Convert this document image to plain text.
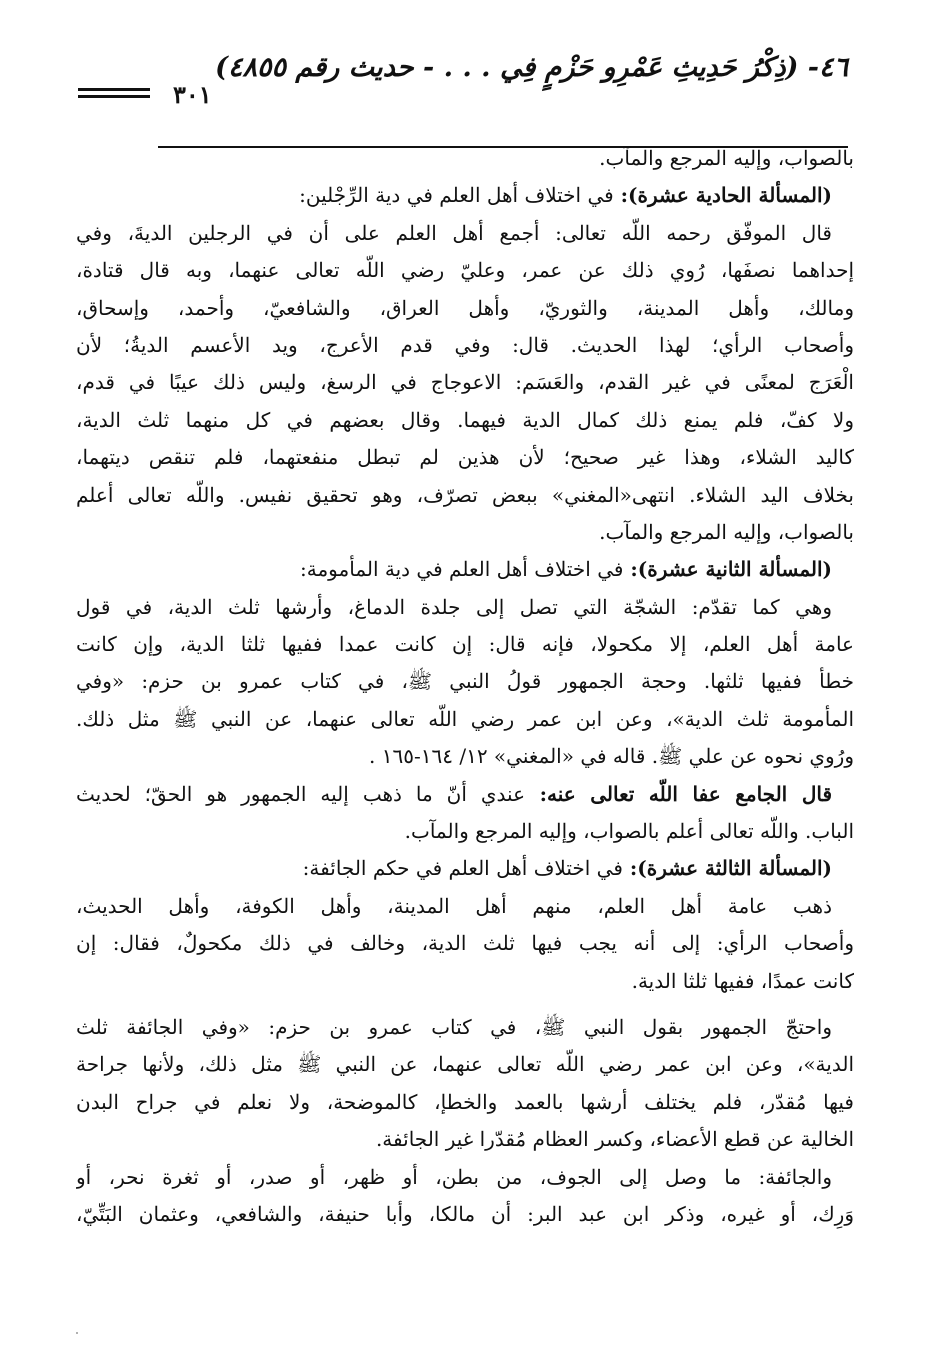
٤٦- (ذِكْرُ حَدِيثِ عَمْرِو حَزْمٍ فِي . . . - حديث رقم ٤٨٥٥)
٣٠١
بالصواب، وإليه المرجع والمآب.
(المسألة الحادية عشرة): في اختلاف أهل العلم في دية الرِّجْلين:
قال الموفّق رحمه اللّه تعالى: أجمع أهل العلم على أن في الرجلين الديةَ، وفي
إحداهما نصفَها، رُوي ذلك عن عمر، وعليّ رضي اللّه تعالى عنهما، وبه قال قتادة،
ومالك، وأهل المدينة، والثوريّ، وأهل العراق، والشافعيّ، وأحمد، وإسحاق،
وأصحاب الرأي؛ لهذا الحديث. قال: وفي قدم الأعرج، ويد الأعسم الديةُ؛ لأن
الْعَرَج لمعنًى في غير القدم، والعَسَم: الاعوجاج في الرسغ، وليس ذلك عيبًا في قدم،
ولا كفّ، فلم يمنع ذلك كمال الدية فيهما. وقال بعضهم في كل منهما ثلث الدية،
كاليد الشلاء، وهذا غير صحيح؛ لأن هذين لم تبطل منفعتهما، فلم تنقص ديتهما،
بخلاف اليد الشلاء. انتهى«المغني» ببعض تصرّف، وهو تحقيق نفيس. واللّه تعالى أعلم
بالصواب، وإليه المرجع والمآب.
(المسألة الثانية عشرة): في اختلاف أهل العلم في دية المأمومة:
وهي كما تقدّم: الشجّة التي تصل إلى جلدة الدماغ، وأرشها ثلث الدية، في قول
عامة أهل العلم، إلا مكحولا، فإنه قال: إن كانت عمدا ففيها ثلثا الدية، وإن كانت
خطأ ففيها ثلثها. وحجة الجمهور قولُ النبي ﷺ، في كتاب عمرو بن حزم: «وفي
المأمومة ثلث الدية»، وعن ابن عمر رضي اللّه تعالى عنهما، عن النبي ﷺ مثل ذلك.
ورُوي نحوه عن علي ﷺ. قاله في «المغني» ١٢/ ١٦٤-١٦٥ .
قال الجامع عفا اللّه تعالى عنه: عندي أنّ ما ذهب إليه الجمهور هو الحقّ؛ لحديث
الباب. واللّه تعالى أعلم بالصواب، وإليه المرجع والمآب.
(المسألة الثالثة عشرة): في اختلاف أهل العلم في حكم الجائفة:
ذهب عامة أهل العلم، منهم أهل المدينة، وأهل الكوفة، وأهل الحديث،
وأصحاب الرأي: إلى أنه يجب فيها ثلث الدية، وخالف في ذلك مكحولٌ، فقال: إن
كانت عمدًا، ففيها ثلثا الدية.
واحتجّ الجمهور بقول النبي ﷺ، في كتاب عمرو بن حزم: «وفي الجائفة ثلث
الدية»، وعن ابن عمر رضي اللّه تعالى عنهما، عن النبي ﷺ مثل ذلك، ولأنها جراحة
فيها مُقدّر، فلم يختلف أرشها بالعمد والخطإ، كالموضحة، ولا نعلم في جراح البدن
الخالية عن قطع الأعضاء، وكسر العظام مُقدّرا غير الجائفة.
والجائفة: ما وصل إلى الجوف، من بطن، أو ظهر، أو صدر، أو ثغرة نحر، أو
وَرِك، أو غيره، وذكر ابن عبد البر: أن مالكا، وأبا حنيفة، والشافعي، وعثمان البَتِّيّ،
